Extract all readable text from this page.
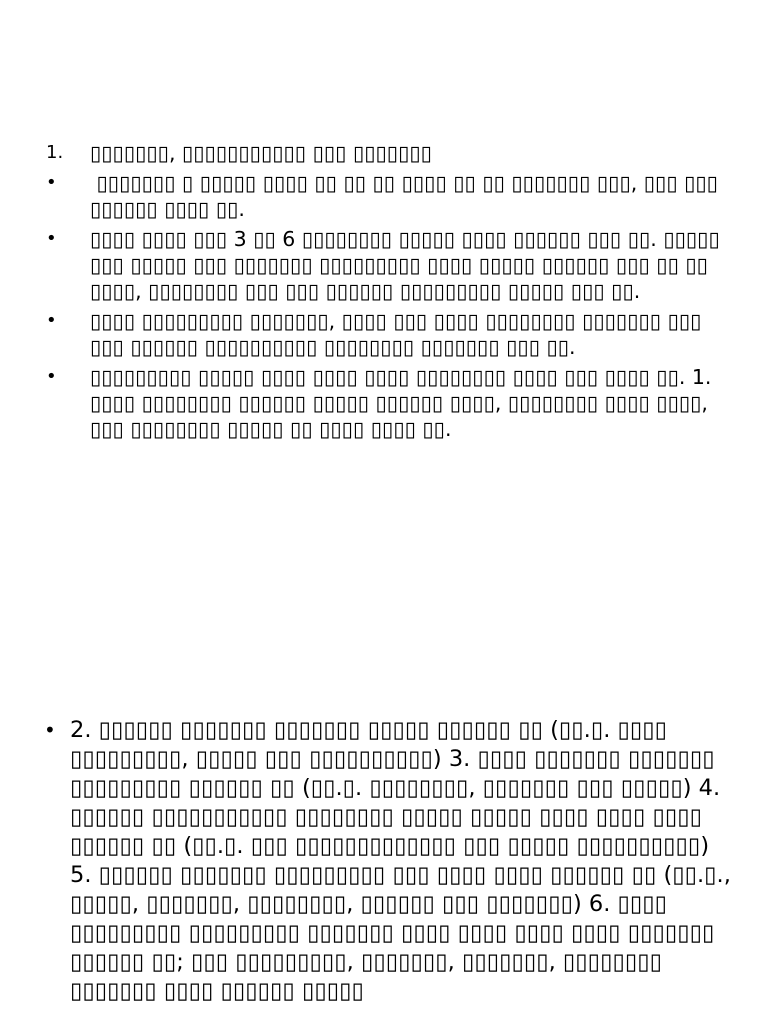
1.	▯▯▯▯▯▯▯, ▯▯▯▯▯▯▯▯▯▯▯ ▯▯▯ ▯▯▯▯▯▯▯
•	▯▯▯▯▯▯▯ ▯ ▯▯▯▯▯ ▯▯▯▯ ▯▯ ▯▯ ▯▯ ▯▯▯▯ ▯▯ ▯▯ ▯▯▯▯▯▯▯ ▯▯▯, ▯▯▯ ▯▯▯ ▯▯▯▯▯▯ ▯▯▯▯ ▯▯.
•	▯▯▯▯ ▯▯▯▯ ▯▯▯ 3 ▯▯ 6 ▯▯▯▯▯▯▯▯ ▯▯▯▯▯ ▯▯▯▯ ▯▯▯▯▯▯ ▯▯▯ ▯▯. ▯▯▯▯▯ ▯▯▯ ▯▯▯▯▯ ▯▯▯ ▯▯▯▯▯▯▯ ▯▯▯▯▯▯▯▯▯ ▯▯▯▯ ▯▯▯▯▯ ▯▯▯▯▯▯ ▯▯▯ ▯▯ ▯▯ ▯▯▯▯, ▯▯▯▯▯▯▯▯ ▯▯▯ ▯▯▯ ▯▯▯▯▯▯ ▯▯▯▯▯▯▯▯▯ ▯▯▯▯▯ ▯▯▯ ▯▯.
•	▯▯▯▯ ▯▯▯▯▯▯▯▯▯ ▯▯▯▯▯▯▯, ▯▯▯▯ ▯▯▯ ▯▯▯▯ ▯▯▯▯▯▯▯▯ ▯▯▯▯▯▯▯ ▯▯▯ ▯▯▯ ▯▯▯▯▯▯ ▯▯▯▯▯▯▯▯▯▯ ▯▯▯▯▯▯▯▯ ▯▯▯▯▯▯▯ ▯▯▯ ▯▯.
•	▯▯▯▯▯▯▯▯▯ ▯▯▯▯▯ ▯▯▯▯ ▯▯▯▯ ▯▯▯▯ ▯▯▯▯▯▯▯▯ ▯▯▯▯ ▯▯▯ ▯▯▯▯ ▯▯. 1. ▯▯▯▯ ▯▯▯▯▯▯▯▯ ▯▯▯▯▯▯ ▯▯▯▯▯ ▯▯▯▯▯▯ ▯▯▯▯, ▯▯▯▯▯▯▯▯ ▯▯▯▯ ▯▯▯▯, ▯▯▯ ▯▯▯▯▯▯▯▯ ▯▯▯▯▯ ▯▯ ▯▯▯▯ ▯▯▯▯ ▯▯.
• 2. ▯▯▯▯▯▯ ▯▯▯▯▯▯▯ ▯▯▯▯▯▯▯ ▯▯▯▯▯ ▯▯▯▯▯▯ ▯▯ (▯▯.▯. ▯▯▯▯ ▯▯▯▯▯▯▯▯▯, ▯▯▯▯▯ ▯▯▯ ▯▯▯▯▯▯▯▯▯▯) 3. ▯▯▯▯ ▯▯▯▯▯▯▯ ▯▯▯▯▯▯▯ ▯▯▯▯▯▯▯▯▯ ▯▯▯▯▯▯ ▯▯ (▯▯.▯. ▯▯▯▯▯▯▯▯, ▯▯▯▯▯▯▯ ▯▯▯ ▯▯▯▯▯) 4. ▯▯▯▯▯▯ ▯▯▯▯▯▯▯▯▯▯▯ ▯▯▯▯▯▯▯▯ ▯▯▯▯▯ ▯▯▯▯▯ ▯▯▯▯ ▯▯▯▯ ▯▯▯▯ ▯▯▯▯▯▯ ▯▯ (▯▯.▯. ▯▯▯ ▯▯▯▯▯▯▯▯▯▯▯▯▯ ▯▯▯ ▯▯▯▯▯ ▯▯▯▯▯▯▯▯▯▯) 5. ▯▯▯▯▯▯ ▯▯▯▯▯▯▯ ▯▯▯▯▯▯▯▯▯ ▯▯▯ ▯▯▯▯ ▯▯▯▯ ▯▯▯▯▯▯ ▯▯ (▯▯.▯., ▯▯▯▯▯, ▯▯▯▯▯▯▯, ▯▯▯▯▯▯▯▯, ▯▯▯▯▯▯ ▯▯▯ ▯▯▯▯▯▯▯) 6. ▯▯▯▯ ▯▯▯▯▯▯▯▯▯ ▯▯▯▯▯▯▯▯▯ ▯▯▯▯▯▯▯ ▯▯▯▯ ▯▯▯▯ ▯▯▯▯ ▯▯▯▯ ▯▯▯▯▯▯▯ ▯▯▯▯▯▯ ▯▯; ▯▯▯ ▯▯▯▯▯▯▯▯▯, ▯▯▯▯▯▯▯, ▯▯▯▯▯▯▯, ▯▯▯▯▯▯▯▯ ▯▯▯▯▯▯▯ ▯▯▯▯ ▯▯▯▯▯▯ ▯▯▯▯▯
